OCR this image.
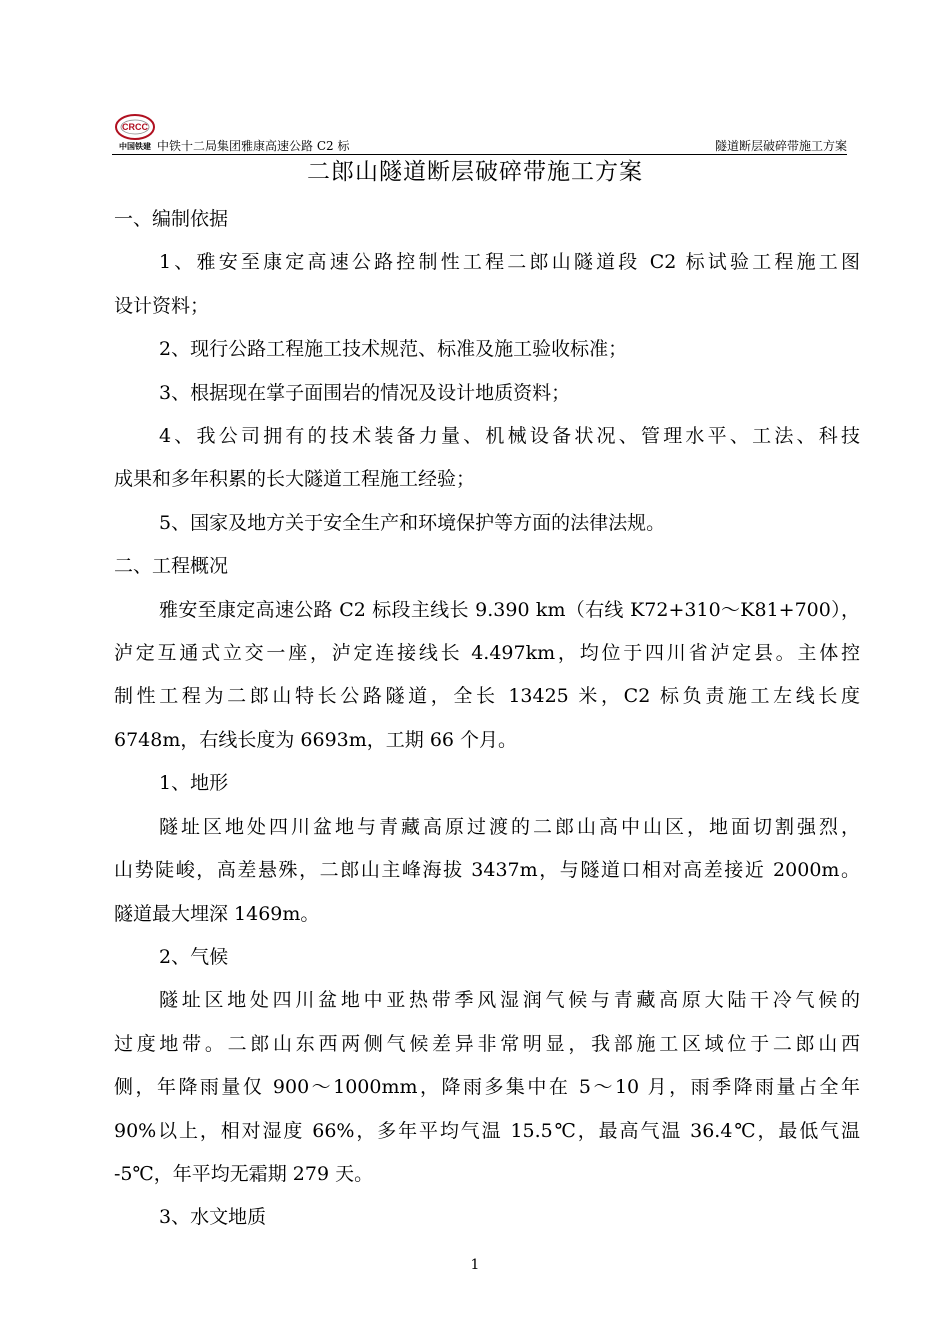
CRCC
中国铁建 中铁十二局集团雅康高速公路 C2 标	隧道断层破碎带施工方案
二郎山隧道断层破碎带施工方案

一、编制依据

1、雅安至康定高速公路控制性工程二郎山隧道段 C2 标试验工程施工图

设计资料；

2、现行公路工程施工技术规范、标准及施工验收标准；

3、根据现在掌子面围岩的情况及设计地质资料；

4、我公司拥有的技术装备力量、机械设备状况、管理水平、工法、科技

成果和多年积累的长大隧道工程施工经验；

5、国家及地方关于安全生产和环境保护等方面的法律法规。

二、工程概况

雅安至康定高速公路 C2 标段主线长 9.390 km（右线 K72+310～K81+700），

泸定互通式立交一座，泸定连接线长 4.497km，均位于四川省泸定县。主体控

制性工程为二郎山特长公路隧道，全长 13425 米，C2 标负责施工左线长度

6748m，右线长度为 6693m，工期 66 个月。

1、地形

隧址区地处四川盆地与青藏高原过渡的二郎山高中山区，地面切割强烈，

山势陡峻，高差悬殊，二郎山主峰海拔 3437m，与隧道口相对高差接近 2000m。

隧道最大埋深 1469m。

2、气候

隧址区地处四川盆地中亚热带季风湿润气候与青藏高原大陆干冷气候的

过度地带。二郎山东西两侧气候差异非常明显，我部施工区域位于二郎山西

侧，年降雨量仅 900～1000mm，降雨多集中在 5～10 月，雨季降雨量占全年

90%以上，相对湿度 66%，多年平均气温 15.5℃，最高气温 36.4℃，最低气温

-5℃，年平均无霜期 279 天。

3、水文地质

1
